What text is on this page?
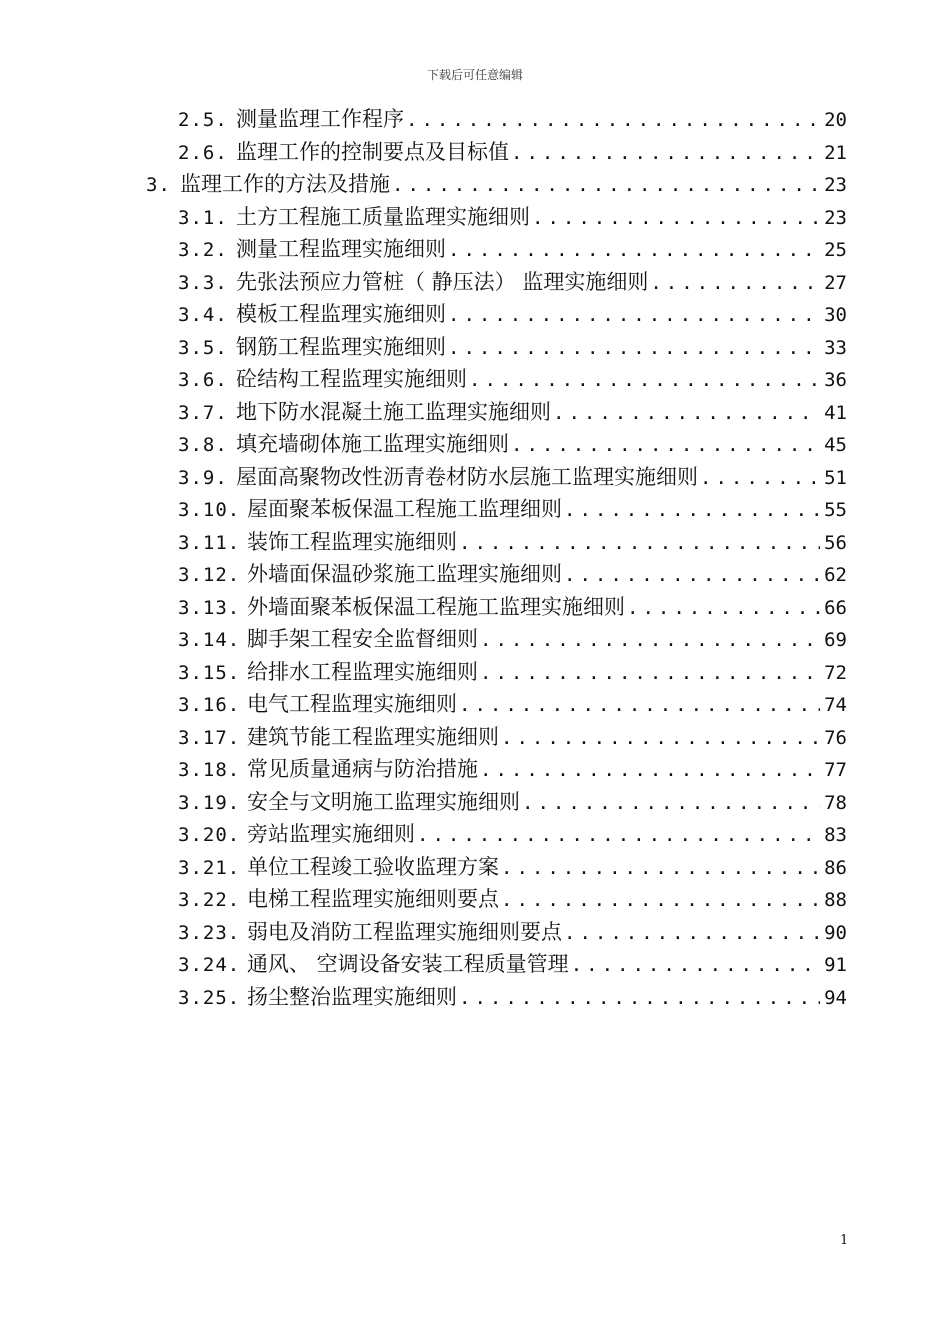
下载后可任意编辑
2.5. 测量监理工作程序 .....	20
2.6. 监理工作的控制要点及目标值 .....	21
3. 监理工作的方法及措施 .....	23
3.1. 土方工程施工质量监理实施细则 .....	23
3.2. 测量工程监理实施细则 .....	25
3.3. 先张法预应力管桩（ 静压法） 监理实施细则 .....	27
3.4. 模板工程监理实施细则 .....	30
3.5. 钢筋工程监理实施细则 .....	33
3.6. 砼结构工程监理实施细则 .....	36
3.7. 地下防水混凝土施工监理实施细则 .....	41
3.8. 填充墙砌体施工监理实施细则 .....	45
3.9. 屋面高聚物改性沥青卷材防水层施工监理实施细则 .....	51
3.10. 屋面聚苯板保温工程施工监理细则 .....	55
3.11. 装饰工程监理实施细则 .....	56
3.12. 外墙面保温砂浆施工监理实施细则 .....	62
3.13. 外墙面聚苯板保温工程施工监理实施细则 .....	66
3.14. 脚手架工程安全监督细则 .....	69
3.15. 给排水工程监理实施细则 .....	72
3.16. 电气工程监理实施细则 .....	74
3.17. 建筑节能工程监理实施细则 .....	76
3.18. 常见质量通病与防治措施 .....	77
3.19. 安全与文明施工监理实施细则 .....	78
3.20. 旁站监理实施细则 .....	83
3.21. 单位工程竣工验收监理方案 .....	86
3.22. 电梯工程监理实施细则要点 .....	88
3.23. 弱电及消防工程监理实施细则要点 .....	90
3.24. 通风、 空调设备安装工程质量管理 .....	91
3.25. 扬尘整治监理实施细则 .....	94
1
